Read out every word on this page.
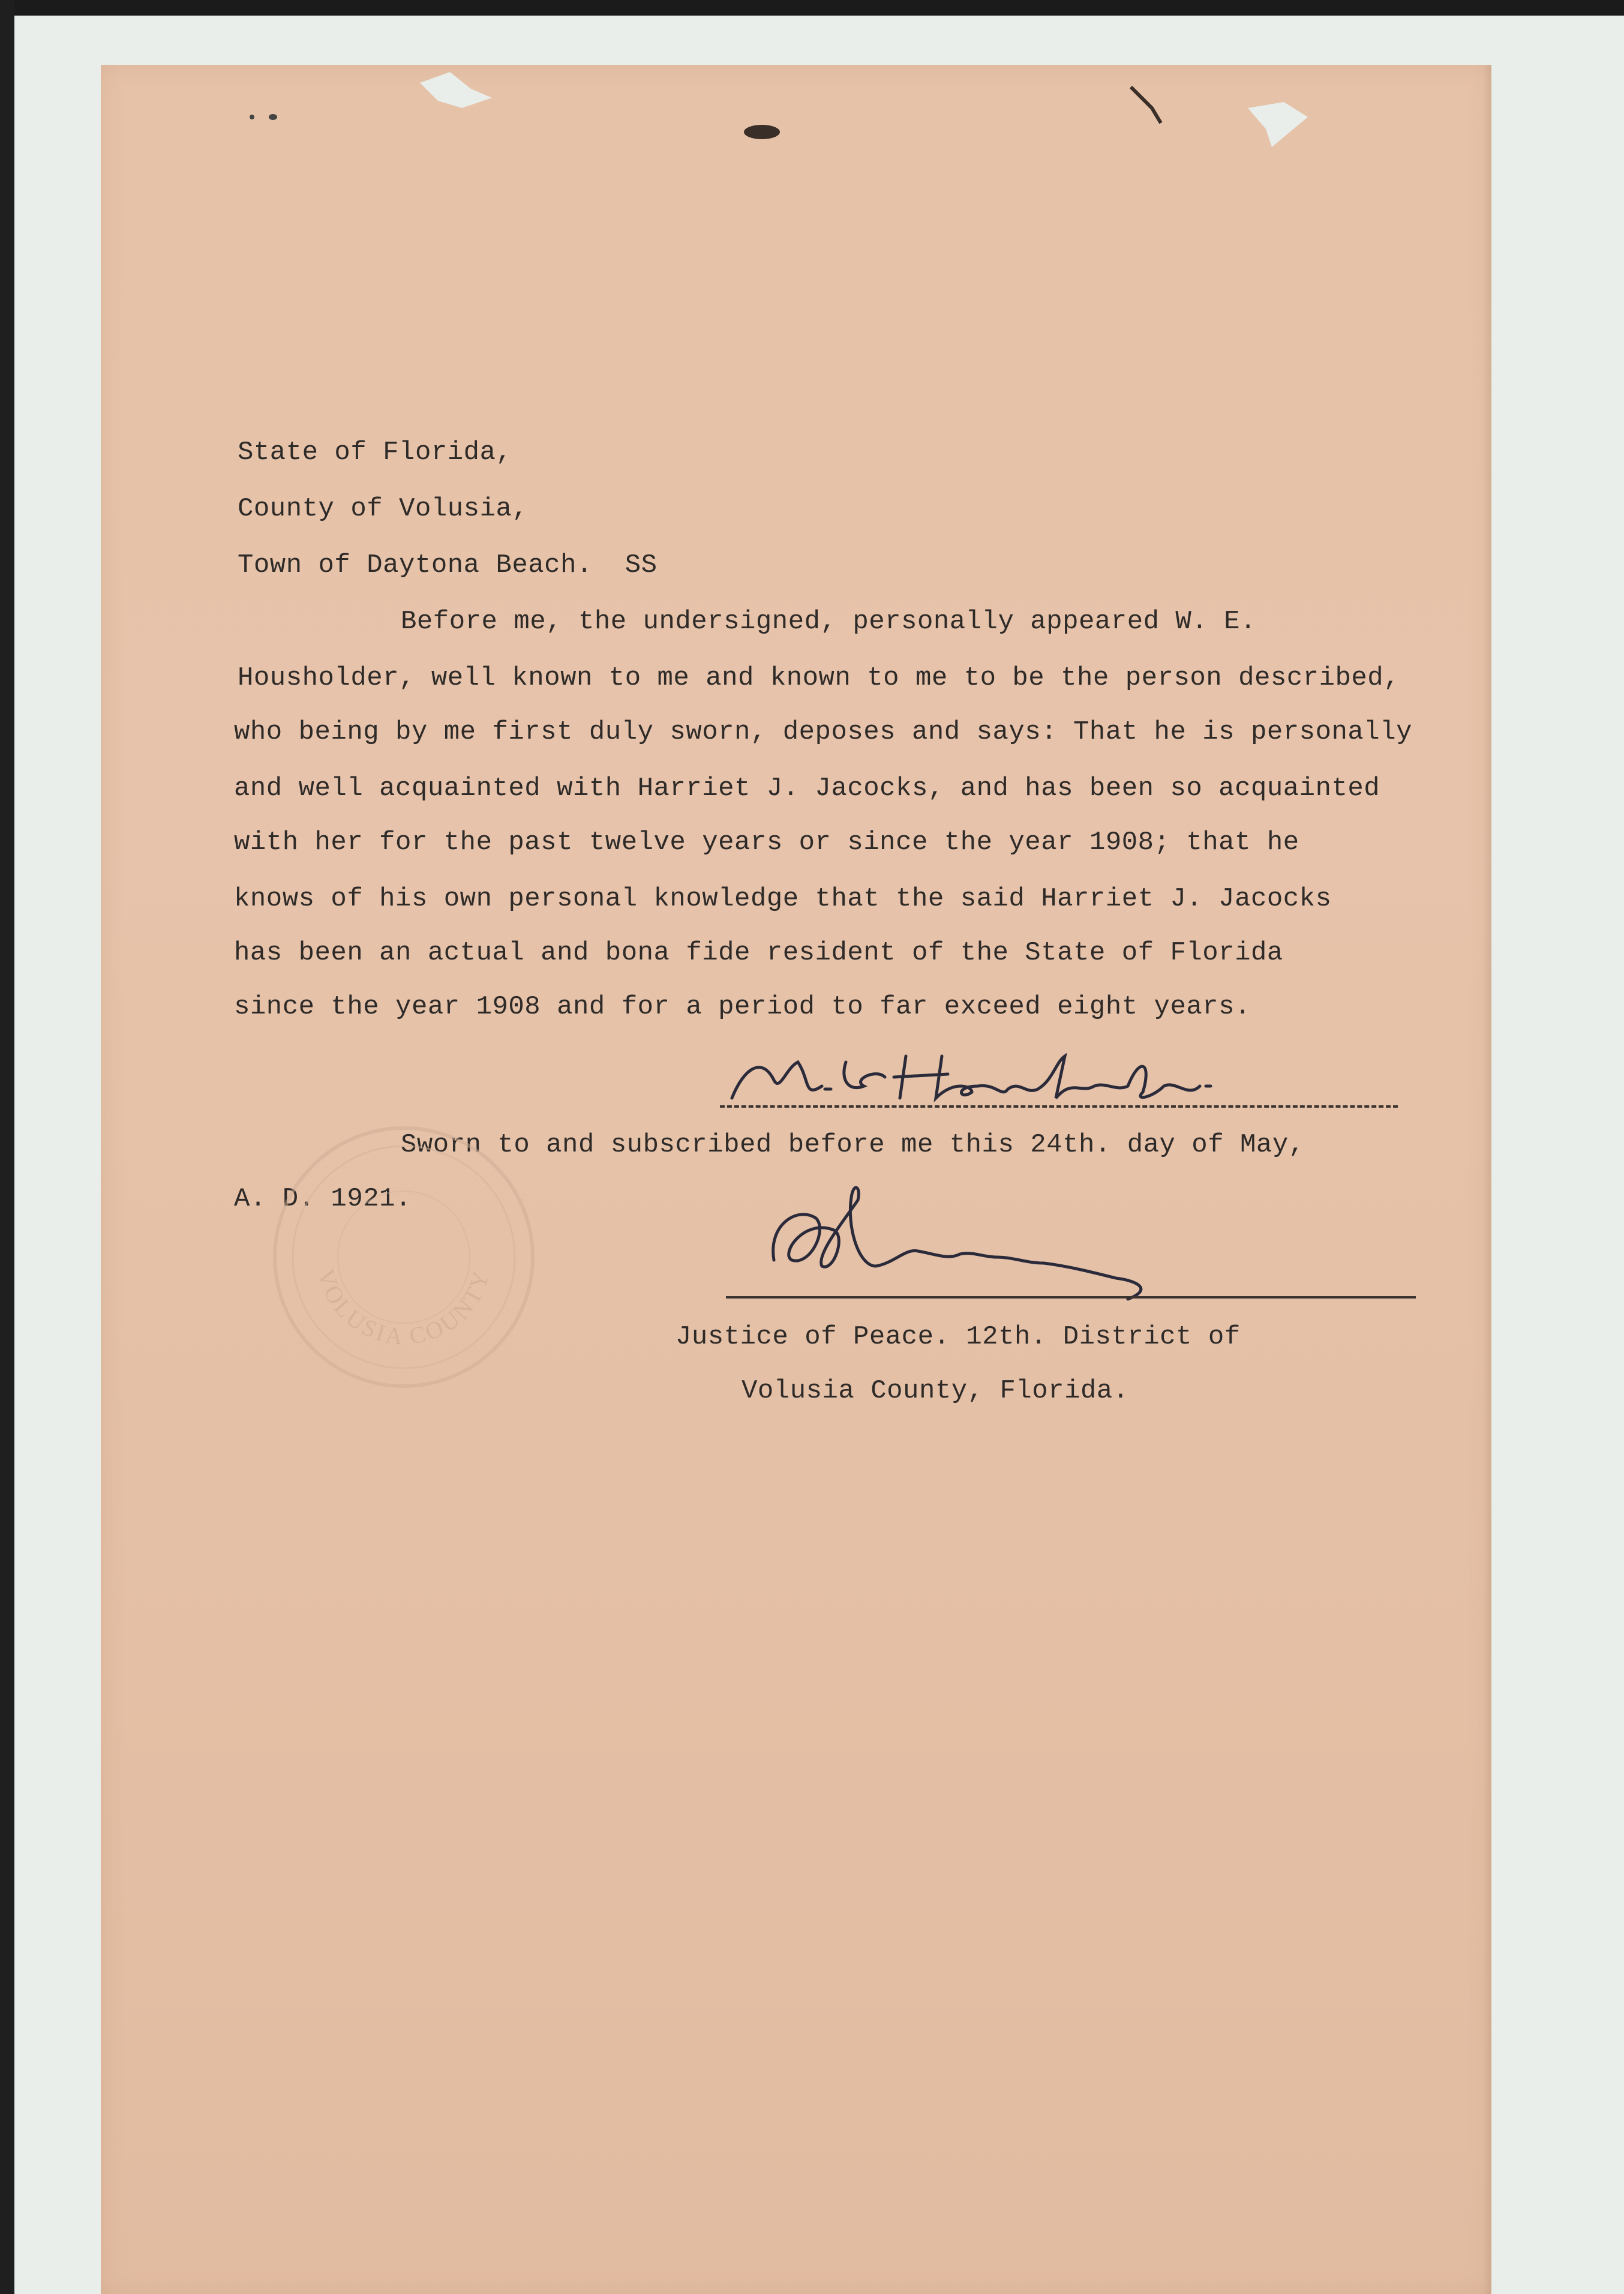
State of Florida,
County of Volusia,
Town of Daytona Beach.  SS
Before me, the undersigned, personally appeared W. E.
Housholder, well known to me and known to me to be the person described,
who being by me first duly sworn, deposes and says: That he is personally
and well acquainted with Harriet J. Jacocks, and has been so acquainted
with her for the past twelve years or since the year 1908; that he
knows of his own personal knowledge that the said Harriet J. Jacocks
has been an actual and bona fide resident of the State of Florida
since the year 1908 and for a period to far exceed eight years.
Sworn to and subscribed before me this 24th. day of May,
A. D. 1921.
VOLUSIA COUNTY
Justice of Peace. 12th. District of
Volusia County, Florida.
